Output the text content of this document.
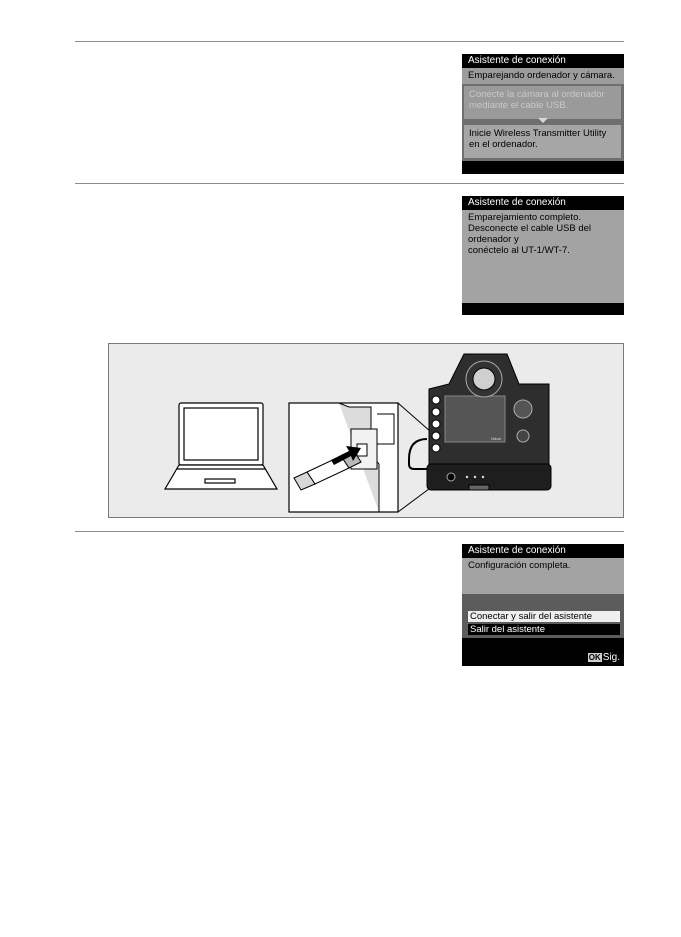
Asistente de conexión
Emparejando ordenador y cámara.
Conecte la cámara al ordenador
mediante el cable USB.
Inicie Wireless Transmitter Utility
en el ordenador.
Asistente de conexión
Emparejamiento completo.
Desconecte el cable USB del ordenador y
conéctelo al UT-1/WT-7.
Nikon
Asistente de conexión
Configuración completa.
Conectar y salir del asistente
Salir del asistente
OK Sig.
